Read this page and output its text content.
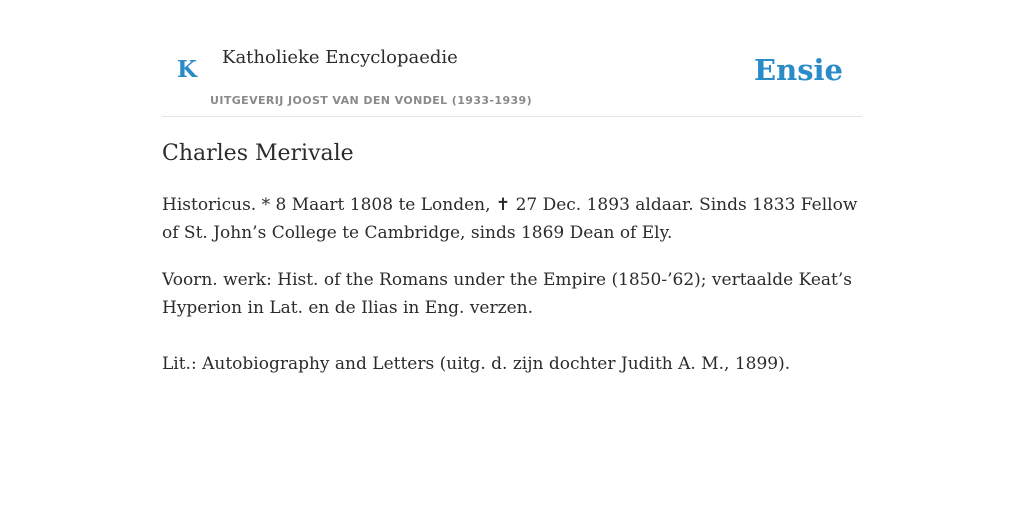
K Katholieke Encyclopaedie
UITGEVERIJ JOOST VAN DEN VONDEL (1933-1939)
Ensie
Charles Merivale

Historicus. * 8 Maart 1808 te Londen, ✝ 27 Dec. 1893 aldaar. Sinds 1833 Fellow of St. John’s College te Cambridge, sinds 1869 Dean of Ely.

Voorn. werk: Hist. of the Romans under the Empire (1850-’62); vertaalde Keat’s Hyperion in Lat. en de Ilias in Eng. verzen.

Lit.: Autobiography and Letters (uitg. d. zijn dochter Judith A. M., 1899).
